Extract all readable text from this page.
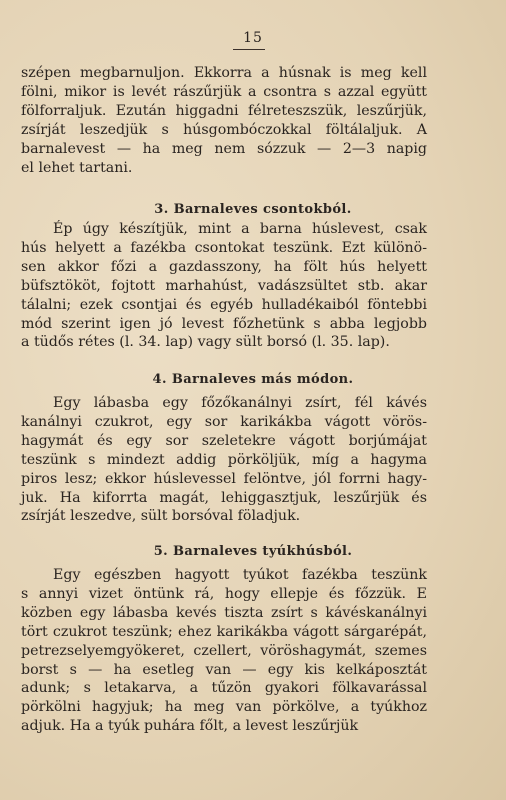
15
szépen megbarnuljon. Ekkorra a húsnak is meg kell
fölni, mikor is levét rászűrjük a csontra s azzal együtt
fölforraljuk. Ezután higgadni félreteszszük, leszűrjük,
zsírját leszedjük s húsgombóczokkal föltálaljuk. A
barnalevest — ha meg nem sózzuk — 2—3 napig
el lehet tartani.
3. Barnaleves csontokból.
Ép úgy készítjük, mint a barna húslevest, csak
hús helyett a fazékba csontokat teszünk. Ezt különö-
sen akkor főzi a gazdasszony, ha fölt hús helyett
büfsztököt, fojtott marhahúst, vadászsültet stb. akar
tálalni; ezek csontjai és egyéb hulladékaiból föntebbi
mód szerint igen jó levest főzhetünk s abba legjobb
a tüdős rétes (l. 34. lap) vagy sült borsó (l. 35. lap).
4. Barnaleves más módon.
Egy lábasba egy főzőkanálnyi zsírt, fél kávés
kanálnyi czukrot, egy sor karikákba vágott vörös-
hagymát és egy sor szeletekre vágott borjúmájat
teszünk s mindezt addig pörköljük, míg a hagyma
piros lesz; ekkor húslevessel felöntve, jól forrni hagy-
juk. Ha kiforrta magát, lehiggasztjuk, leszűrjük és
zsírját leszedve, sült borsóval föladjuk.
5. Barnaleves tyúkhúsból.
Egy egészben hagyott tyúkot fazékba teszünk
s annyi vizet öntünk rá, hogy ellepje és főzzük. E
közben egy lábasba kevés tiszta zsírt s kávéskanálnyi
tört czukrot teszünk; ehez karikákba vágott sárgarépát,
petrezselyemgyökeret, czellert, vöröshagymát, szemes
borst s — ha esetleg van — egy kis kelkáposztát
adunk; s letakarva, a tűzön gyakori fölkavarással
pörkölni hagyjuk; ha meg van pörkölve, a tyúkhoz
adjuk. Ha a tyúk puhára főlt, a levest leszűrjük
